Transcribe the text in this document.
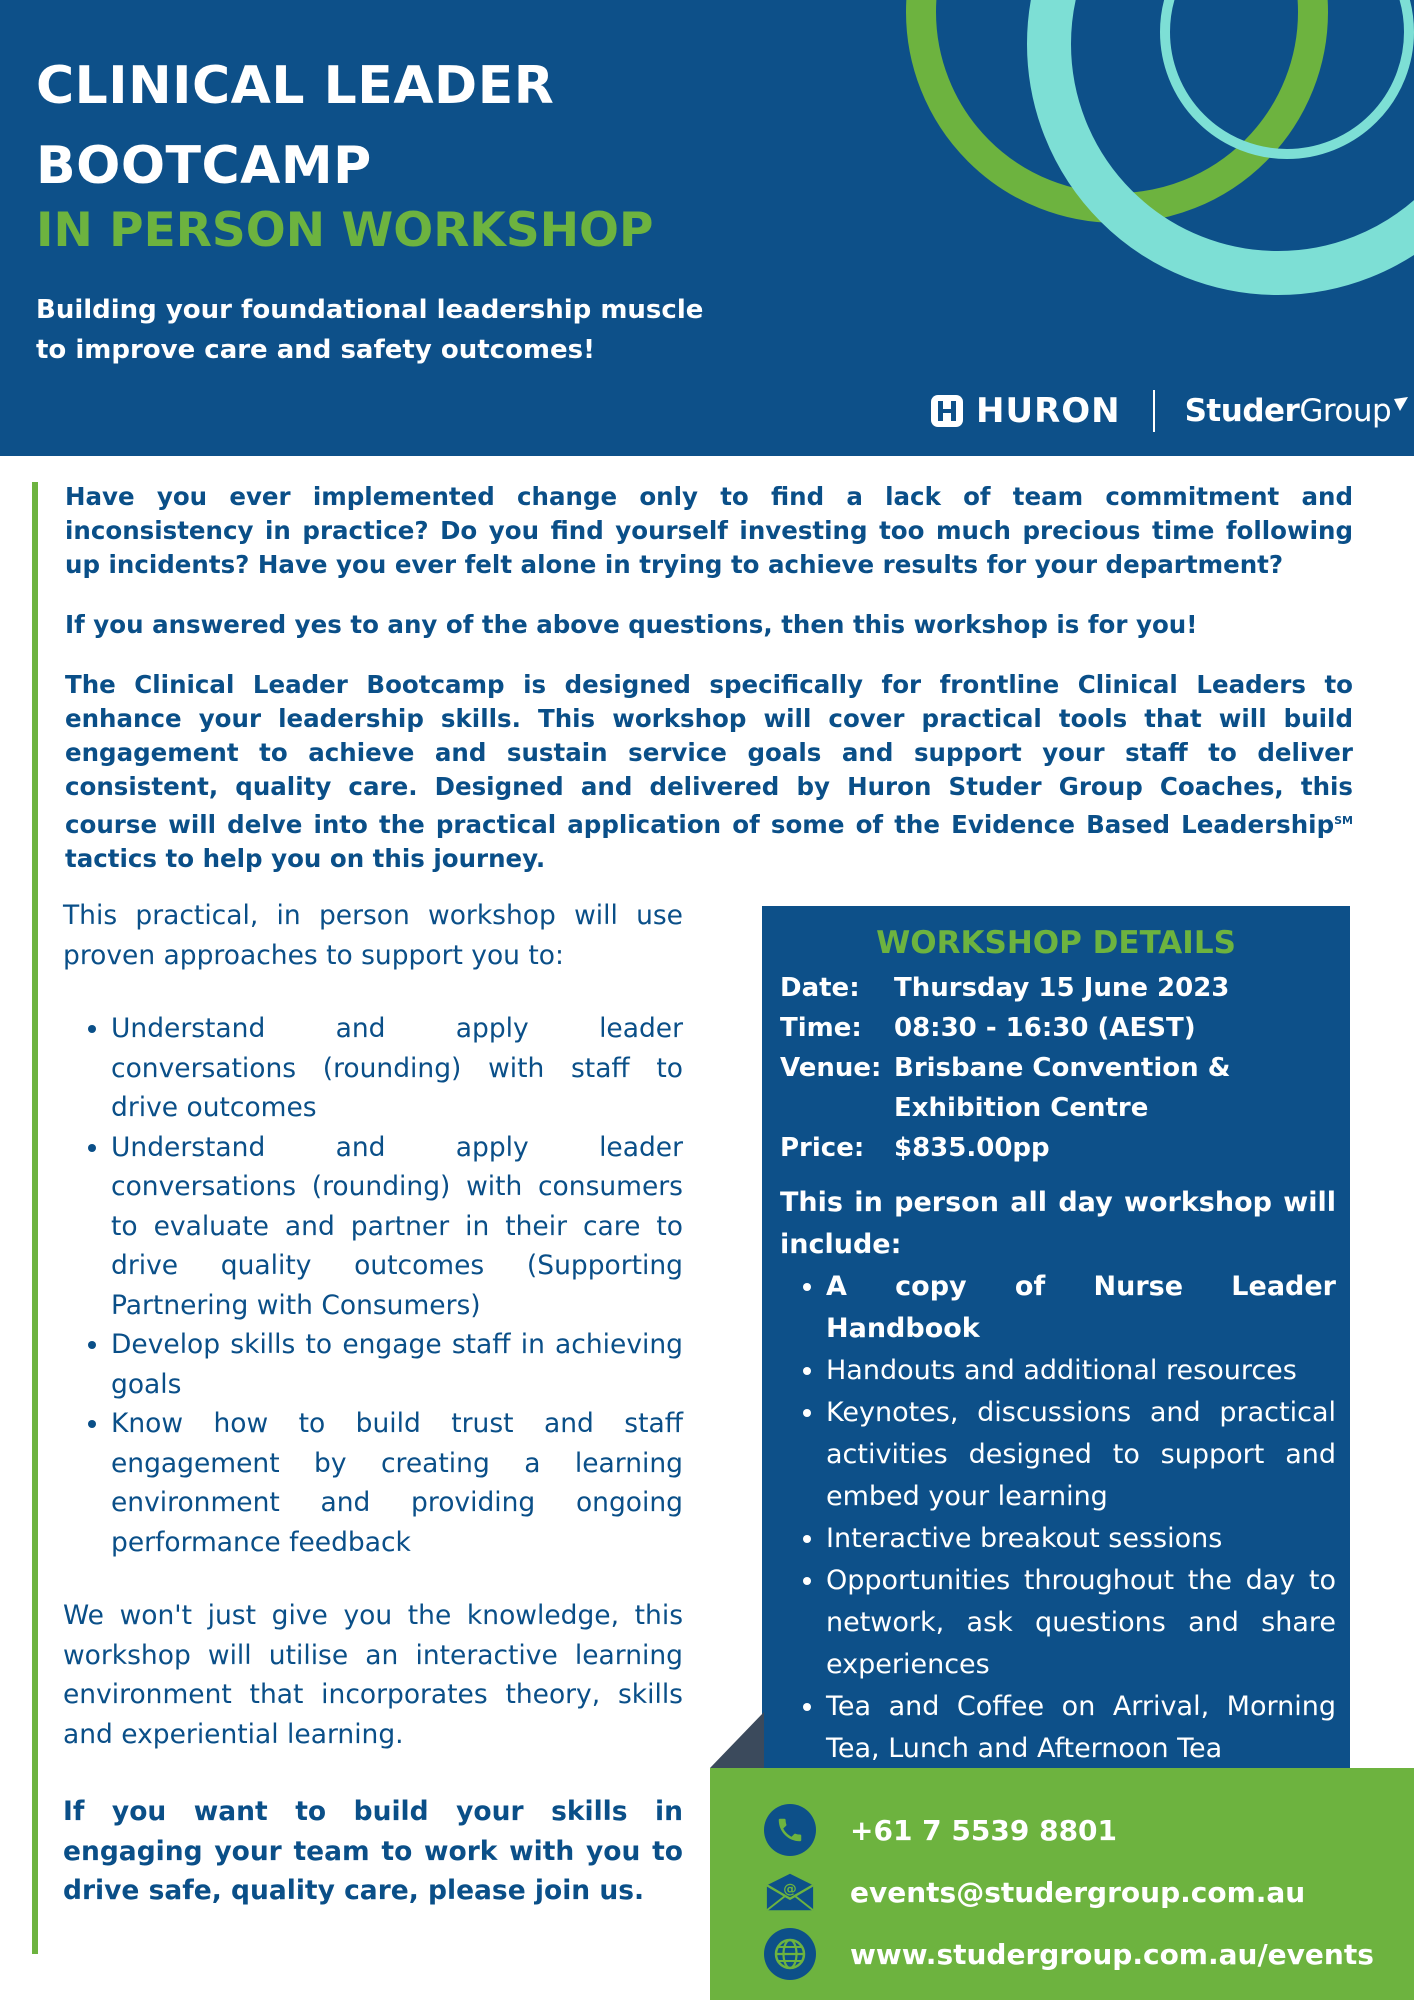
CLINICAL LEADER
BOOTCAMP
IN PERSON WORKSHOP

Building your foundational leadership muscle
to improve care and safety outcomes!

HURON StuderGroup

Have you ever implemented change only to find a lack of team commitment and inconsistency in practice? Do you find yourself investing too much precious time following up incidents? Have you ever felt alone in trying to achieve results for your department?

If you answered yes to any of the above questions, then this workshop is for you!

The Clinical Leader Bootcamp is designed specifically for frontline Clinical Leaders to enhance your leadership skills. This workshop will cover practical tools that will build engagement to achieve and sustain service goals and support your staff to deliver consistent, quality care. Designed and delivered by Huron Studer Group Coaches, this course will delve into the practical application of some of the Evidence Based Leadership℠ tactics to help you on this journey.

This practical, in person workshop will use proven approaches to support you to:

• Understand and apply leader conversations (rounding) with staff to drive outcomes
• Understand and apply leader conversations (rounding) with consumers to evaluate and partner in their care to drive quality outcomes (Supporting Partnering with Consumers)
• Develop skills to engage staff in achieving goals
• Know how to build trust and staff engagement by creating a learning environment and providing ongoing performance feedback

We won't just give you the knowledge, this workshop will utilise an interactive learning environment that incorporates theory, skills and experiential learning.

If you want to build your skills in engaging your team to work with you to drive safe, quality care, please join us.

WORKSHOP DETAILS
Date: Thursday 15 June 2023
Time: 08:30 - 16:30 (AEST)
Venue: Brisbane Convention &
Exhibition Centre
Price: $835.00pp

This in person all day workshop will include:

• A copy of Nurse Leader Handbook
• Handouts and additional resources
• Keynotes, discussions and practical activities designed to support and embed your learning
• Interactive breakout sessions
• Opportunities throughout the day to network, ask questions and share experiences
• Tea and Coffee on Arrival, Morning Tea, Lunch and Afternoon Tea
•
+61 7 5539 8801
@ events@studergroup.com.au
www.studergroup.com.au/events
